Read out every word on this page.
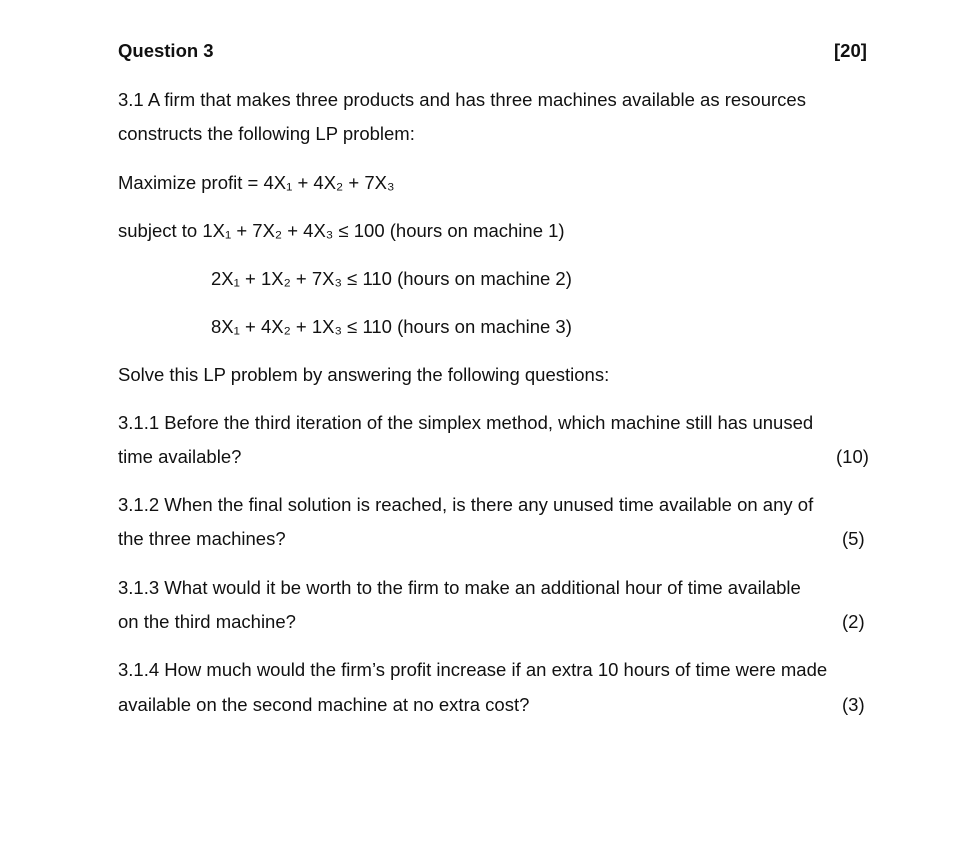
Question 3	[20]
3.1 A firm that makes three products and has three machines available as resources
constructs the following LP problem:
Maximize profit = 4X₁ + 4X₂ + 7X₃
subject to 1X₁ + 7X₂ + 4X₃ ≤ 100 (hours on machine 1)
2X₁ + 1X₂ + 7X₃ ≤ 110 (hours on machine 2)
8X₁ + 4X₂ + 1X₃ ≤ 110 (hours on machine 3)
Solve this LP problem by answering the following questions:
3.1.1 Before the third iteration of the simplex method, which machine still has unused
time available?	(10)
3.1.2 When the final solution is reached, is there any unused time available on any of
the three machines?	(5)
3.1.3 What would it be worth to the firm to make an additional hour of time available
on the third machine?	(2)
3.1.4 How much would the firm’s profit increase if an extra 10 hours of time were made
available on the second machine at no extra cost?	(3)
